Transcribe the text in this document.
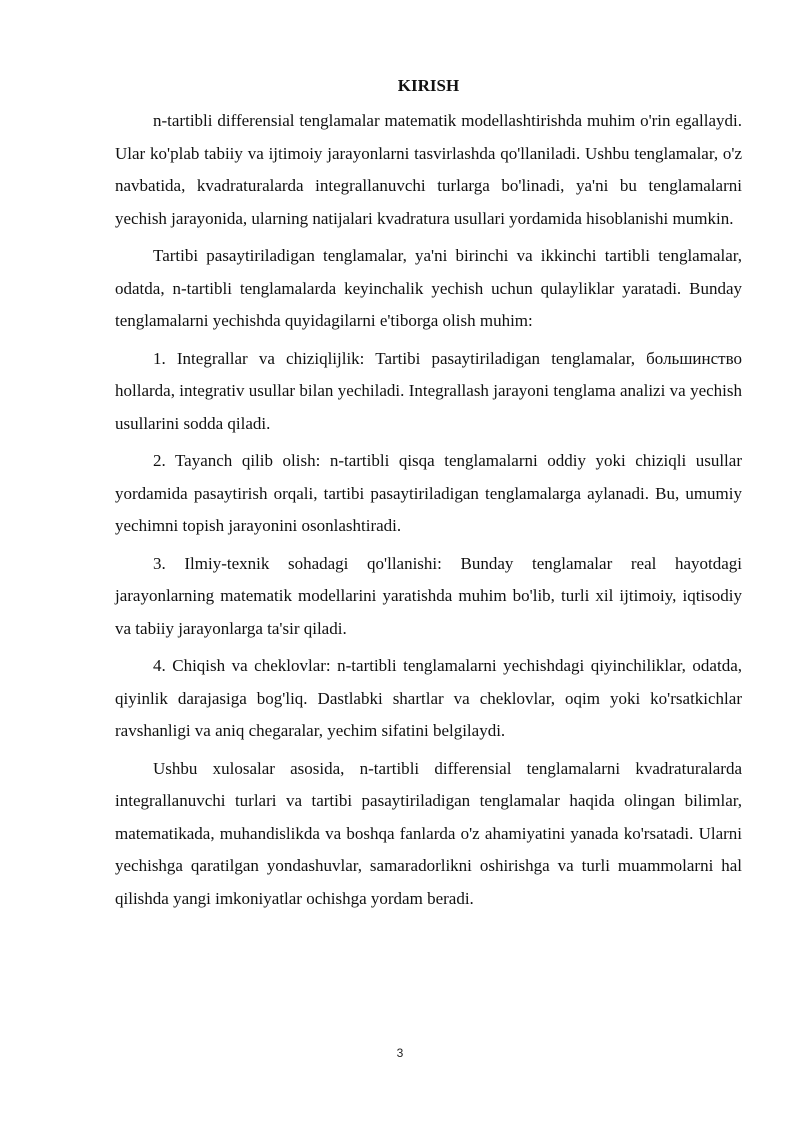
KIRISH

n-tartibli differensial tenglamalar matematik modellashtirishda muhim o'rin egallaydi. Ular ko'plab tabiiy va ijtimoiy jarayonlarni tasvirlashda qo'llaniladi. Ushbu tenglamalar, o'z navbatida, kvadraturalarda integrallanuvchi turlarga bo'linadi, ya'ni bu tenglamalarni yechish jarayonida, ularning natijalari kvadratura usullari yordamida hisoblanishi mumkin.

Tartibi pasaytiriladigan tenglamalar, ya'ni birinchi va ikkinchi tartibli tenglamalar, odatda, n-tartibli tenglamalarda keyinchalik yechish uchun qulayliklar yaratadi. Bunday tenglamalarni yechishda quyidagilarni e'tiborga olish muhim:

1. Integrallar va chiziqlijlik: Tartibi pasaytiriladigan tenglamalar, большинство hollarda, integrativ usullar bilan yechiladi. Integrallash jarayoni tenglama analizi va yechish usullarini sodda qiladi.

2. Tayanch qilib olish: n-tartibli qisqa tenglamalarni oddiy yoki chiziqli usullar yordamida pasaytirish orqali, tartibi pasaytiriladigan tenglamalarga aylanadi. Bu, umumiy yechimni topish jarayonini osonlashtiradi.

3. Ilmiy-texnik sohadagi qo'llanishi: Bunday tenglamalar real hayotdagi jarayonlarning matematik modellarini yaratishda muhim bo'lib, turli xil ijtimoiy, iqtisodiy va tabiiy jarayonlarga ta'sir qiladi.

4. Chiqish va cheklovlar: n-tartibli tenglamalarni yechishdagi qiyinchiliklar, odatda, qiyinlik darajasiga bog'liq. Dastlabki shartlar va cheklovlar, oqim yoki ko'rsatkichlar ravshanligi va aniq chegaralar, yechim sifatini belgilaydi.

Ushbu xulosalar asosida, n-tartibli differensial tenglamalarni kvadraturalarda integrallanuvchi turlari va tartibi pasaytiriladigan tenglamalar haqida olingan bilimlar, matematikada, muhandislikda va boshqa fanlarda o'z ahamiyatini yanada ko'rsatadi. Ularni yechishga qaratilgan yondashuvlar, samaradorlikni oshirishga va turli muammolarni hal qilishda yangi imkoniyatlar ochishga yordam beradi.

3
